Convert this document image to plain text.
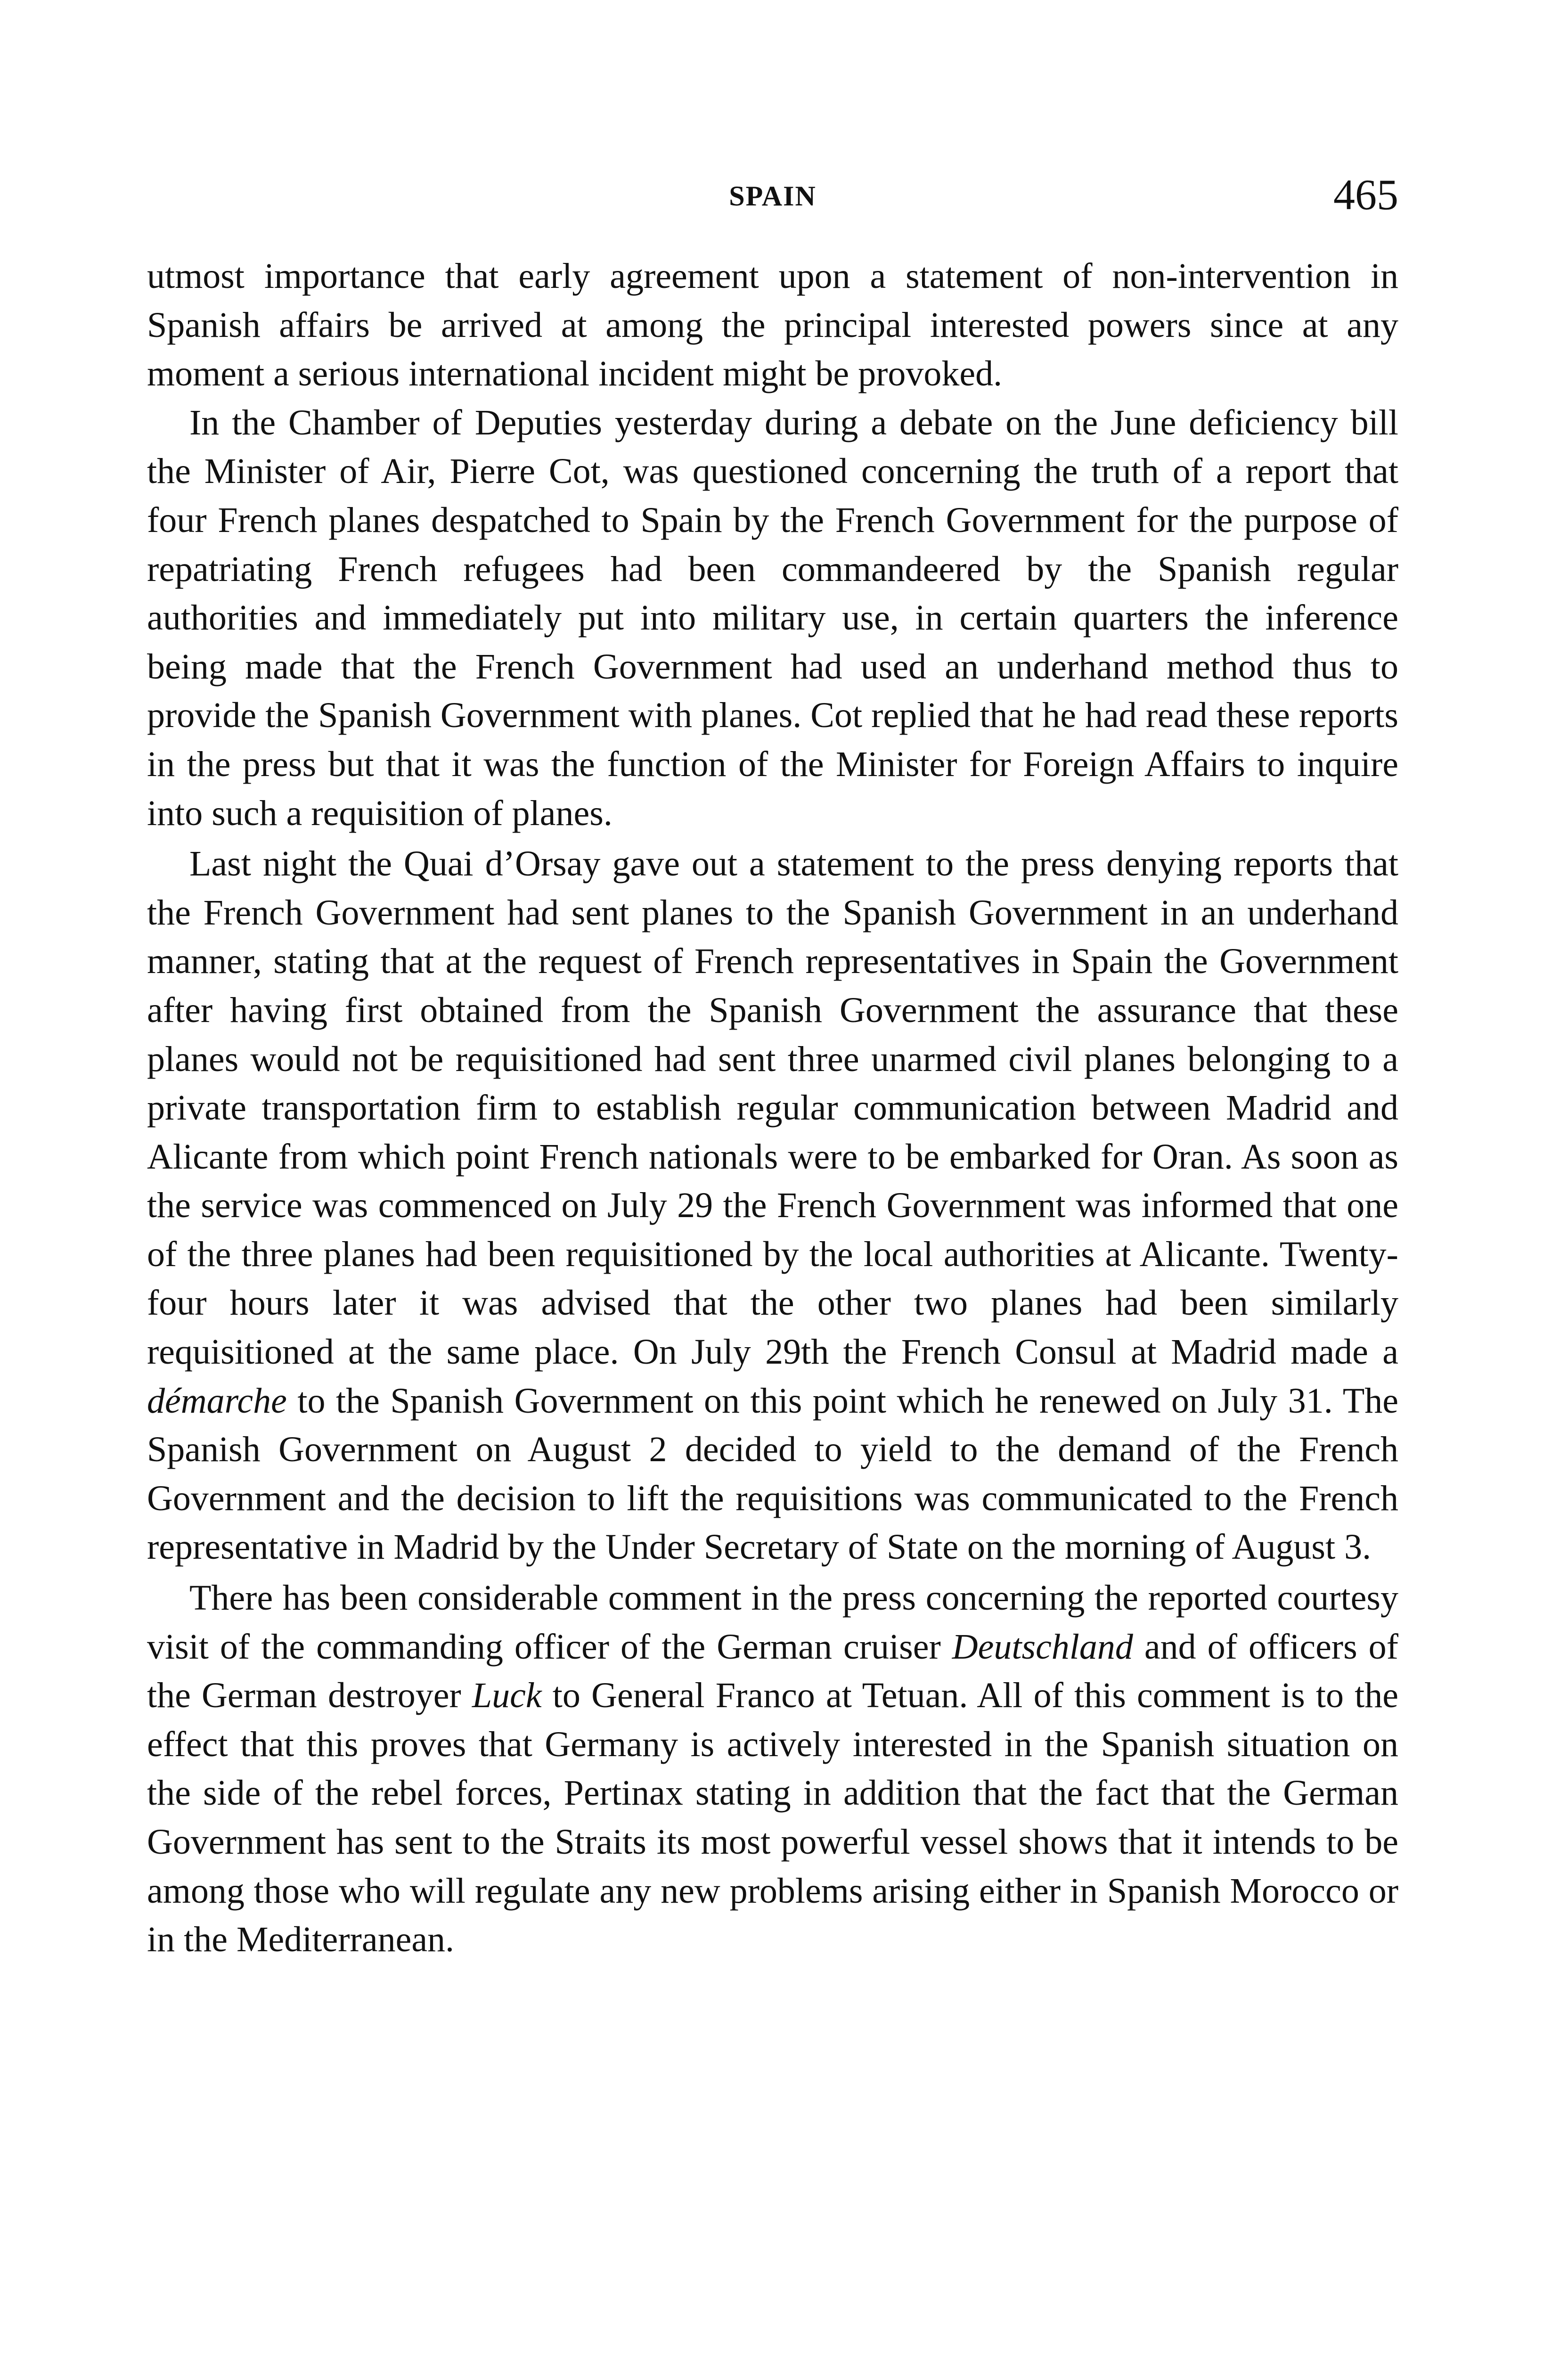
SPAIN	465

utmost importance that early agreement upon a statement of non-intervention in Spanish affairs be arrived at among the principal interested powers since at any moment a serious international incident might be provoked.

In the Chamber of Deputies yesterday during a debate on the June deficiency bill the Minister of Air, Pierre Cot, was questioned concerning the truth of a report that four French planes despatched to Spain by the French Government for the purpose of repatriating French refugees had been commandeered by the Spanish regular authorities and immediately put into military use, in certain quarters the inference being made that the French Government had used an underhand method thus to provide the Spanish Government with planes. Cot replied that he had read these reports in the press but that it was the function of the Minister for Foreign Affairs to inquire into such a requisition of planes.

Last night the Quai d’Orsay gave out a statement to the press denying reports that the French Government had sent planes to the Spanish Government in an underhand manner, stating that at the request of French representatives in Spain the Government after having first obtained from the Spanish Government the assurance that these planes would not be requisitioned had sent three unarmed civil planes belonging to a private transportation firm to establish regular communication between Madrid and Alicante from which point French nationals were to be embarked for Oran. As soon as the service was commenced on July 29 the French Government was informed that one of the three planes had been requisitioned by the local authorities at Alicante. Twenty-four hours later it was advised that the other two planes had been similarly requisitioned at the same place. On July 29th the French Consul at Madrid made a démarche to the Spanish Government on this point which he renewed on July 31. The Spanish Government on August 2 decided to yield to the demand of the French Government and the decision to lift the requisitions was communicated to the French representative in Madrid by the Under Secretary of State on the morning of August 3.

There has been considerable comment in the press concerning the reported courtesy visit of the commanding officer of the German cruiser Deutschland and of officers of the German destroyer Luck to General Franco at Tetuan. All of this comment is to the effect that this proves that Germany is actively interested in the Spanish situation on the side of the rebel forces, Pertinax stating in addition that the fact that the German Government has sent to the Straits its most powerful vessel shows that it intends to be among those who will regulate any new problems arising either in Spanish Morocco or in the Mediterranean.
